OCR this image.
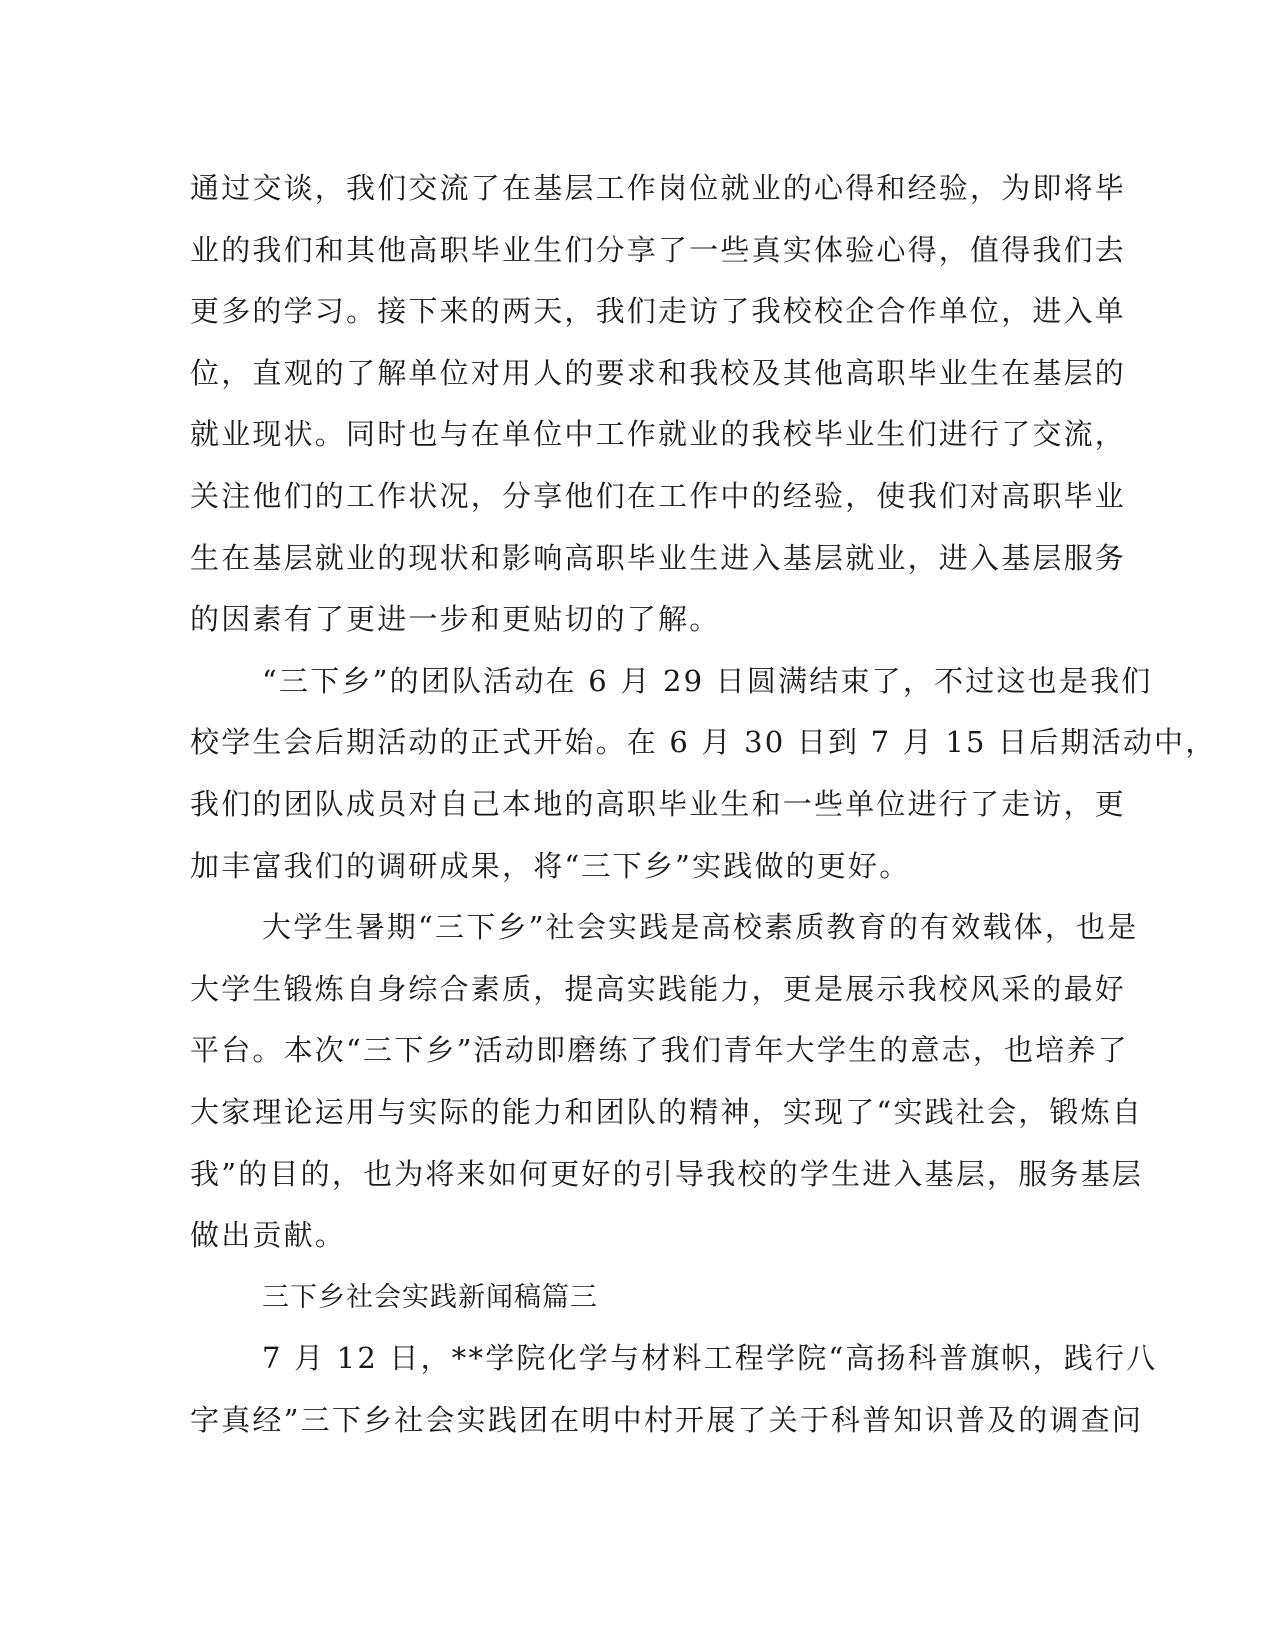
通过交谈，我们交流了在基层工作岗位就业的心得和经验，为即将毕
业的我们和其他高职毕业生们分享了一些真实体验心得，值得我们去
更多的学习。接下来的两天，我们走访了我校校企合作单位，进入单
位，直观的了解单位对用人的要求和我校及其他高职毕业生在基层的
就业现状。同时也与在单位中工作就业的我校毕业生们进行了交流，
关注他们的工作状况，分享他们在工作中的经验，使我们对高职毕业
生在基层就业的现状和影响高职毕业生进入基层就业，进入基层服务
的因素有了更进一步和更贴切的了解。
“三下乡”的团队活动在 6 月 29 日圆满结束了，不过这也是我们
校学生会后期活动的正式开始。在 6 月 30 日到 7 月 15 日后期活动中，
我们的团队成员对自己本地的高职毕业生和一些单位进行了走访，更
加丰富我们的调研成果，将“三下乡”实践做的更好。
大学生暑期“三下乡”社会实践是高校素质教育的有效载体，也是
大学生锻炼自身综合素质，提高实践能力，更是展示我校风采的最好
平台。本次“三下乡”活动即磨练了我们青年大学生的意志，也培养了
大家理论运用与实际的能力和团队的精神，实现了“实践社会，锻炼自
我”的目的，也为将来如何更好的引导我校的学生进入基层，服务基层
做出贡献。
三下乡社会实践新闻稿篇三
7 月 12 日，**学院化学与材料工程学院“高扬科普旗帜，践行八
字真经”三下乡社会实践团在明中村开展了关于科普知识普及的调查问
